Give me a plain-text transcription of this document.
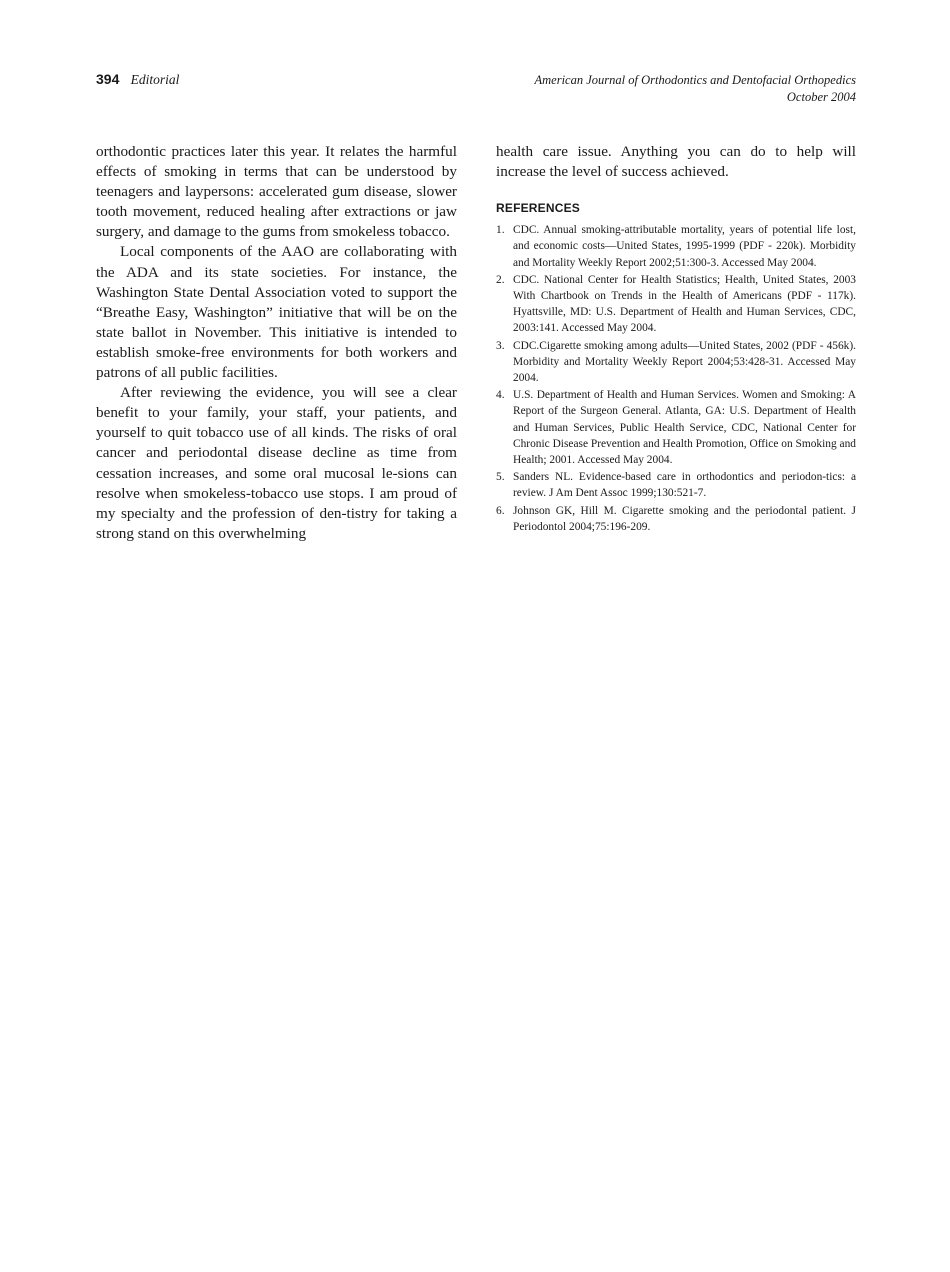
394 Editorial	American Journal of Orthodontics and Dentofacial Orthopedics
October 2004

orthodontic practices later this year. It relates the harmful effects of smoking in terms that can be understood by teenagers and laypersons: accelerated gum disease, slower tooth movement, reduced healing after extractions or jaw surgery, and damage to the gums from smokeless tobacco.

Local components of the AAO are collaborating with the ADA and its state societies. For instance, the Washington State Dental Association voted to support the “Breathe Easy, Washington” initiative that will be on the state ballot in November. This initiative is intended to establish smoke-free environments for both workers and patrons of all public facilities.

After reviewing the evidence, you will see a clear benefit to your family, your staff, your patients, and yourself to quit tobacco use of all kinds. The risks of oral cancer and periodontal disease decline as time from cessation increases, and some oral mucosal le-sions can resolve when smokeless-tobacco use stops. I am proud of my specialty and the profession of den-tistry for taking a strong stand on this overwhelming

health care issue. Anything you can do to help will increase the level of success achieved.

REFERENCES
1. CDC. Annual smoking-attributable mortality, years of potential life lost, and economic costs—United States, 1995-1999 (PDF - 220k). Morbidity and Mortality Weekly Report 2002;51:300-3. Accessed May 2004.
2. CDC. National Center for Health Statistics; Health, United States, 2003 With Chartbook on Trends in the Health of Americans (PDF - 117k). Hyattsville, MD: U.S. Department of Health and Human Services, CDC, 2003:141. Accessed May 2004.
3. CDC.Cigarette smoking among adults—United States, 2002 (PDF - 456k). Morbidity and Mortality Weekly Report 2004;53:428-31. Accessed May 2004.
4. U.S. Department of Health and Human Services. Women and Smoking: A Report of the Surgeon General. Atlanta, GA: U.S. Department of Health and Human Services, Public Health Service, CDC, National Center for Chronic Disease Prevention and Health Promotion, Office on Smoking and Health; 2001. Accessed May 2004.
5. Sanders NL. Evidence-based care in orthodontics and periodon-tics: a review. J Am Dent Assoc 1999;130:521-7.
6. Johnson GK, Hill M. Cigarette smoking and the periodontal patient. J Periodontol 2004;75:196-209.
